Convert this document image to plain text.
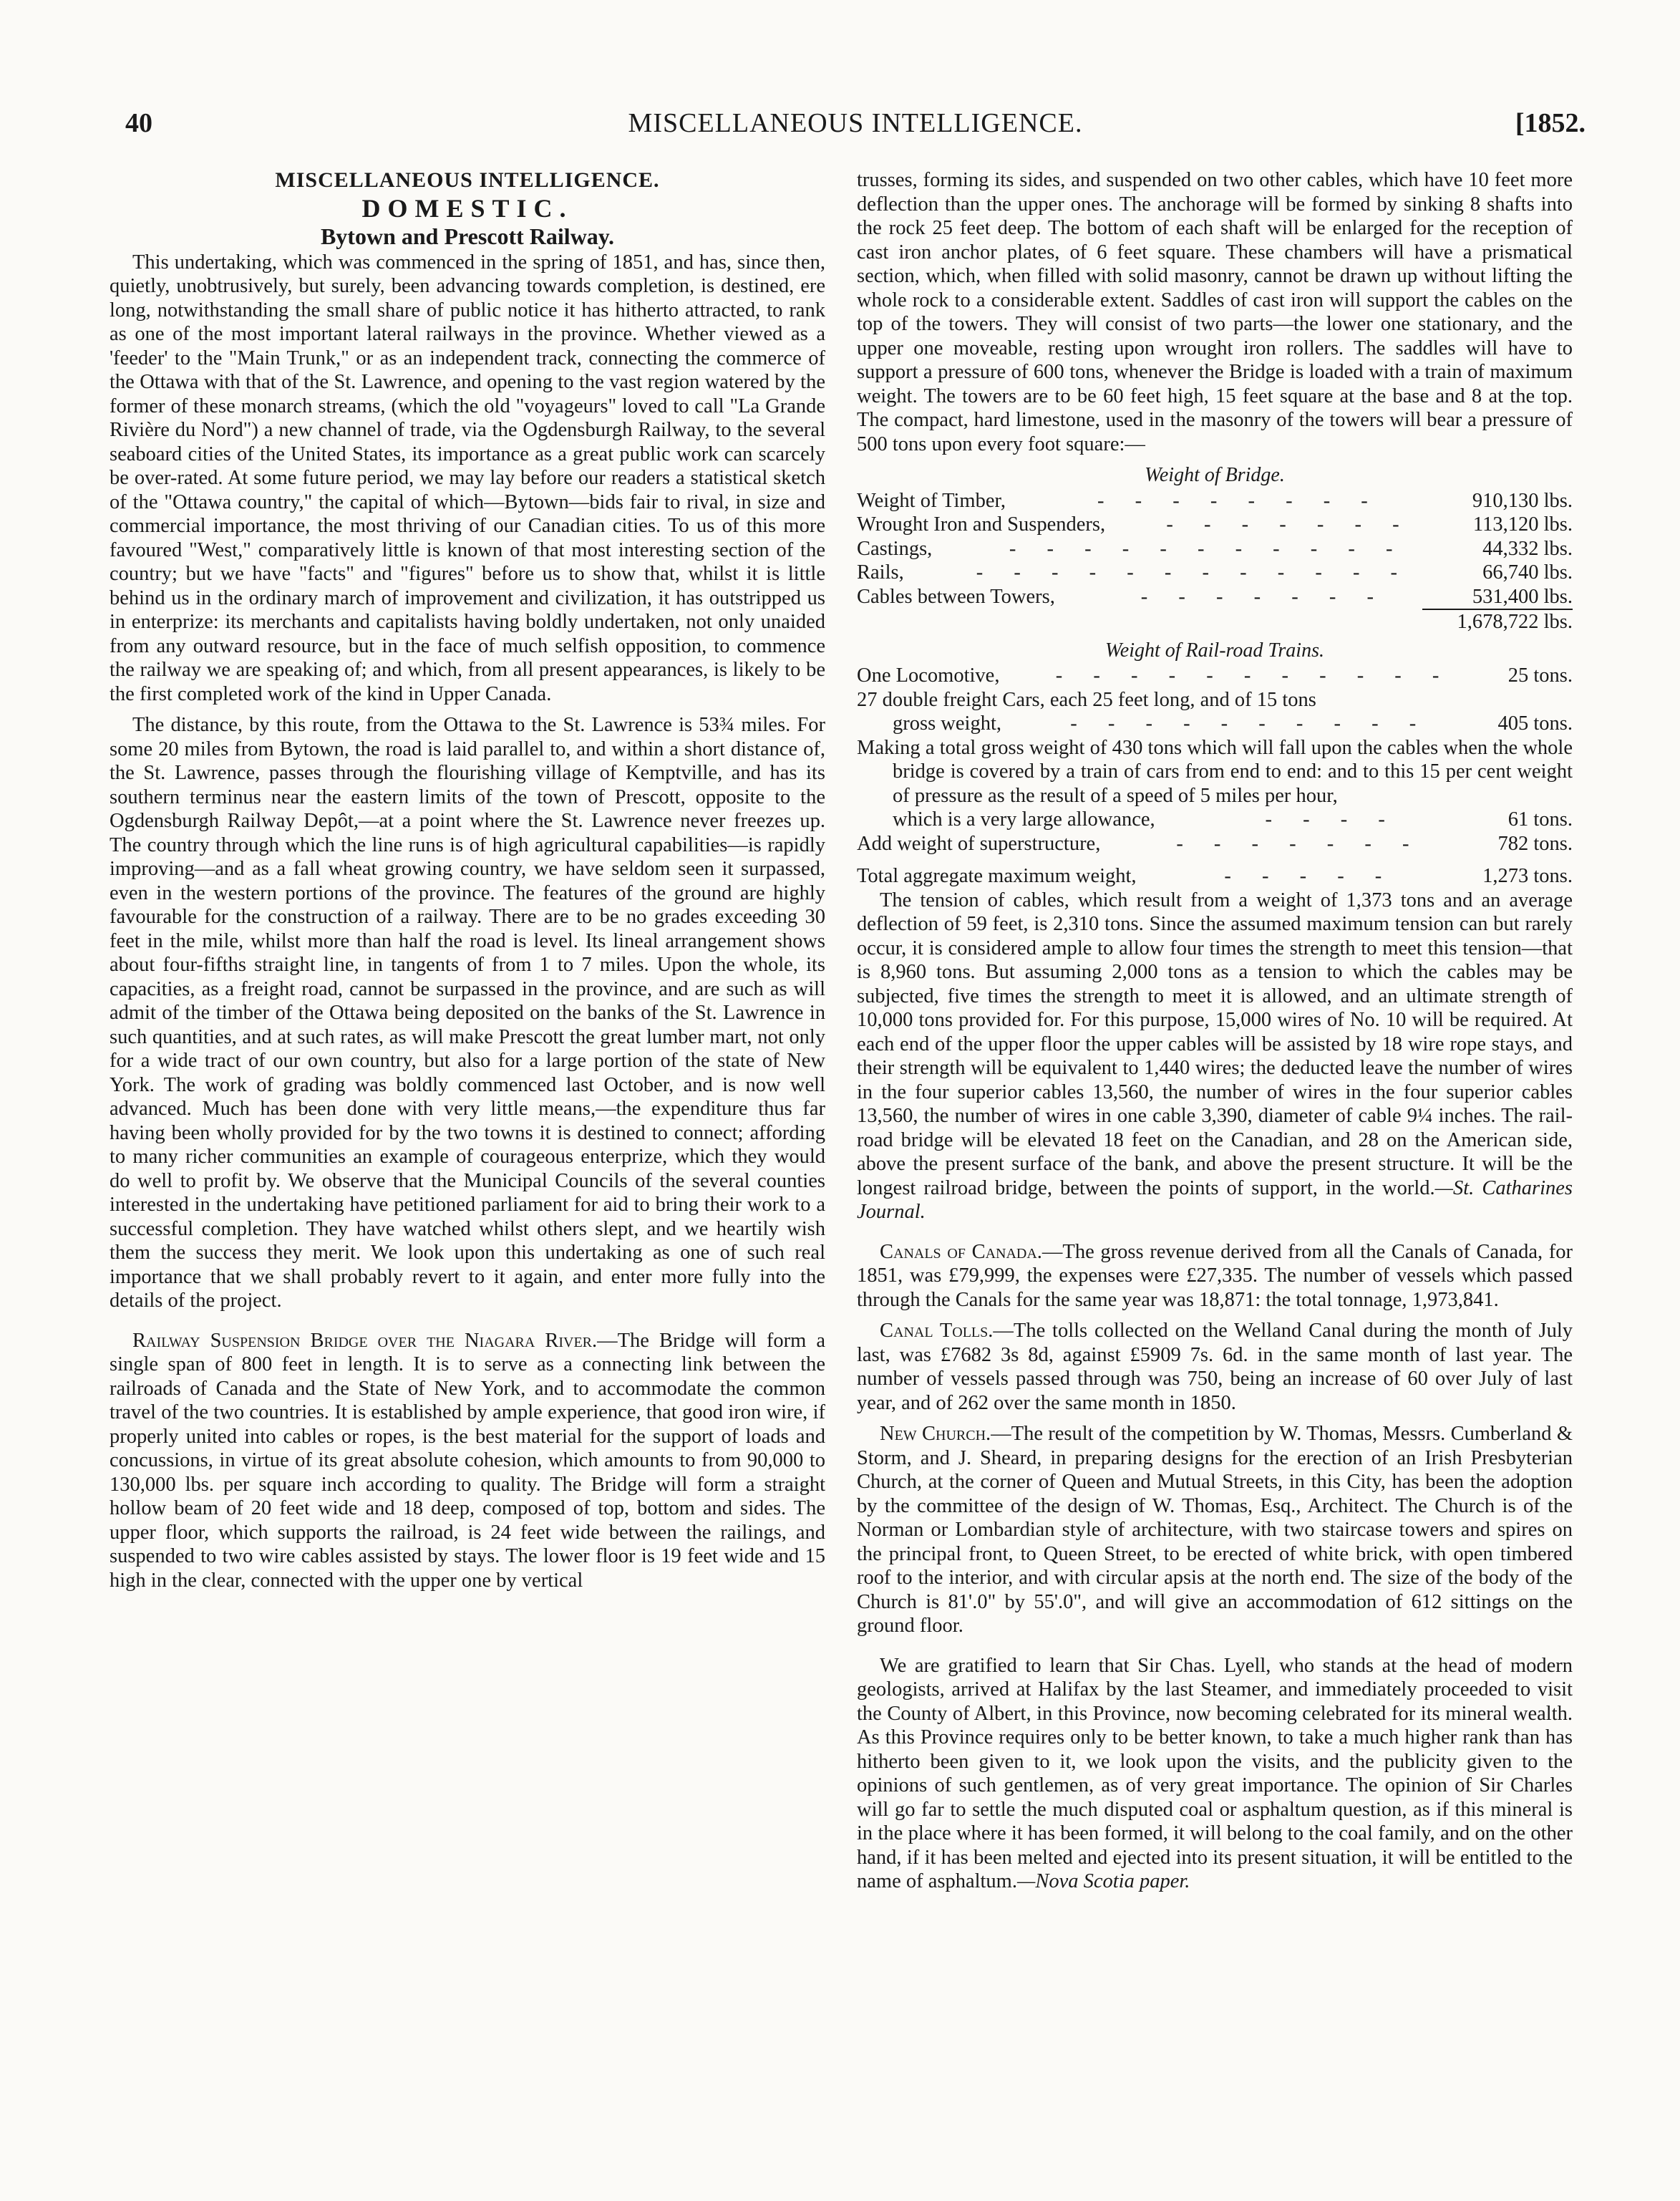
40	MISCELLANEOUS INTELLIGENCE.	[1852.
MISCELLANEOUS INTELLIGENCE.
DOMESTIC.
Bytown and Prescott Railway.

This undertaking, which was commenced in the spring of 1851, and has, since then, quietly, unobtrusively, but surely, been advancing towards completion, is destined, ere long, notwithstanding the small share of public notice it has hitherto attracted, to rank as one of the most important lateral railways in the province. Whether viewed as a 'feeder' to the "Main Trunk," or as an independent track, connecting the commerce of the Ottawa with that of the St. Lawrence, and opening to the vast region watered by the former of these monarch streams, (which the old "voyageurs" loved to call "La Grande Rivière du Nord") a new channel of trade, via the Ogdensburgh Railway, to the several seaboard cities of the United States, its importance as a great public work can scarcely be over-rated. At some future period, we may lay before our readers a statistical sketch of the "Ottawa country," the capital of which—Bytown—bids fair to rival, in size and commercial importance, the most thriving of our Canadian cities. To us of this more favoured "West," comparatively little is known of that most interesting section of the country; but we have "facts" and "figures" before us to show that, whilst it is little behind us in the ordinary march of improvement and civilization, it has outstripped us in enterprize: its merchants and capitalists having boldly undertaken, not only unaided from any outward resource, but in the face of much selfish opposition, to commence the railway we are speaking of; and which, from all present appearances, is likely to be the first completed work of the kind in Upper Canada.

The distance, by this route, from the Ottawa to the St. Lawrence is 53¾ miles. For some 20 miles from Bytown, the road is laid parallel to, and within a short distance of, the St. Lawrence, passes through the flourishing village of Kemptville, and has its southern terminus near the eastern limits of the town of Prescott, opposite to the Ogdensburgh Railway Depôt,—at a point where the St. Lawrence never freezes up. The country through which the line runs is of high agricultural capabilities—is rapidly improving—and as a fall wheat growing country, we have seldom seen it surpassed, even in the western portions of the province. The features of the ground are highly favourable for the construction of a railway. There are to be no grades exceeding 30 feet in the mile, whilst more than half the road is level. Its lineal arrangement shows about four-fifths straight line, in tangents of from 1 to 7 miles. Upon the whole, its capacities, as a freight road, cannot be surpassed in the province, and are such as will admit of the timber of the Ottawa being deposited on the banks of the St. Lawrence in such quantities, and at such rates, as will make Prescott the great lumber mart, not only for a wide tract of our own country, but also for a large portion of the state of New York. The work of grading was boldly commenced last October, and is now well advanced. Much has been done with very little means,—the expenditure thus far having been wholly provided for by the two towns it is destined to connect; affording to many richer communities an example of courageous enterprize, which they would do well to profit by. We observe that the Municipal Councils of the several counties interested in the undertaking have petitioned parliament for aid to bring their work to a successful completion. They have watched whilst others slept, and we heartily wish them the success they merit. We look upon this undertaking as one of such real importance that we shall probably revert to it again, and enter more fully into the details of the project.

Railway Suspension Bridge over the Niagara River.—The Bridge will form a single span of 800 feet in length. It is to serve as a connecting link between the railroads of Canada and the State of New York, and to accommodate the common travel of the two countries. It is established by ample experience, that good iron wire, if properly united into cables or ropes, is the best material for the support of loads and concussions, in virtue of its great absolute cohesion, which amounts to from 90,000 to 130,000 lbs. per square inch according to quality. The Bridge will form a straight hollow beam of 20 feet wide and 18 deep, composed of top, bottom and sides. The upper floor, which supports the railroad, is 24 feet wide between the railings, and suspended to two wire cables assisted by stays. The lower floor is 19 feet wide and 15 high in the clear, connected with the upper one by vertical

trusses, forming its sides, and suspended on two other cables, which have 10 feet more deflection than the upper ones. The anchorage will be formed by sinking 8 shafts into the rock 25 feet deep. The bottom of each shaft will be enlarged for the reception of cast iron anchor plates, of 6 feet square. These chambers will have a prismatical section, which, when filled with solid masonry, cannot be drawn up without lifting the whole rock to a considerable extent. Saddles of cast iron will support the cables on the top of the towers. They will consist of two parts—the lower one stationary, and the upper one moveable, resting upon wrought iron rollers. The saddles will have to support a pressure of 600 tons, whenever the Bridge is loaded with a train of maximum weight. The towers are to be 60 feet high, 15 feet square at the base and 8 at the top. The compact, hard limestone, used in the masonry of the towers will bear a pressure of 500 tons upon every foot square:—

Weight of Bridge.
Weight of Timber,	- - - - - - - -	910,130 lbs.
Wrought Iron and Suspenders,	- - - - - - -	113,120 lbs.
Castings,	- - - - - - - - - - -	44,332 lbs.
Rails,	- - - - - - - - - - - -	66,740 lbs.
Cables between Towers,	- - - - - - -	531,400 lbs.
1,678,722 lbs.
Weight of Rail-road Trains.
One Locomotive,	- - - - - - - - - - -	25 tons.
27 double freight Cars, each 25 feet long, and of 15 tons
gross weight,	- - - - - - - - - -	405 tons.

Making a total gross weight of 430 tons which will fall upon the cables when the whole bridge is covered by a train of cars from end to end: and to this 15 per cent weight of pressure as the result of a speed of 5 miles per hour,

which is a very large allowance,	- - - -	61 tons.
Add weight of superstructure,	- - - - - - -	782 tons.
Total aggregate maximum weight,	- - - - -	1,273 tons.

The tension of cables, which result from a weight of 1,373 tons and an average deflection of 59 feet, is 2,310 tons. Since the assumed maximum tension can but rarely occur, it is considered ample to allow four times the strength to meet this tension—that is 8,960 tons. But assuming 2,000 tons as a tension to which the cables may be subjected, five times the strength to meet it is allowed, and an ultimate strength of 10,000 tons provided for. For this purpose, 15,000 wires of No. 10 will be required. At each end of the upper floor the upper cables will be assisted by 18 wire rope stays, and their strength will be equivalent to 1,440 wires; the deducted leave the number of wires in the four superior cables 13,560, the number of wires in the four superior cables 13,560, the number of wires in one cable 3,390, diameter of cable 9¼ inches. The rail-road bridge will be elevated 18 feet on the Canadian, and 28 on the American side, above the present surface of the bank, and above the present structure. It will be the longest railroad bridge, between the points of support, in the world.—St. Catharines Journal.

Canals of Canada.—The gross revenue derived from all the Canals of Canada, for 1851, was £79,999, the expenses were £27,335. The number of vessels which passed through the Canals for the same year was 18,871: the total tonnage, 1,973,841.

Canal Tolls.—The tolls collected on the Welland Canal during the month of July last, was £7682 3s 8d, against £5909 7s. 6d. in the same month of last year. The number of vessels passed through was 750, being an increase of 60 over July of last year, and of 262 over the same month in 1850.

New Church.—The result of the competition by W. Thomas, Messrs. Cumberland & Storm, and J. Sheard, in preparing designs for the erection of an Irish Presbyterian Church, at the corner of Queen and Mutual Streets, in this City, has been the adoption by the committee of the design of W. Thomas, Esq., Architect. The Church is of the Norman or Lombardian style of architecture, with two staircase towers and spires on the principal front, to Queen Street, to be erected of white brick, with open timbered roof to the interior, and with circular apsis at the north end. The size of the body of the Church is 81'.0" by 55'.0", and will give an accommodation of 612 sittings on the ground floor.

We are gratified to learn that Sir Chas. Lyell, who stands at the head of modern geologists, arrived at Halifax by the last Steamer, and immediately proceeded to visit the County of Albert, in this Province, now becoming celebrated for its mineral wealth. As this Province requires only to be better known, to take a much higher rank than has hitherto been given to it, we look upon the visits, and the publicity given to the opinions of such gentlemen, as of very great importance. The opinion of Sir Charles will go far to settle the much disputed coal or asphaltum question, as if this mineral is in the place where it has been formed, it will belong to the coal family, and on the other hand, if it has been melted and ejected into its present situation, it will be entitled to the name of asphaltum.—Nova Scotia paper.
